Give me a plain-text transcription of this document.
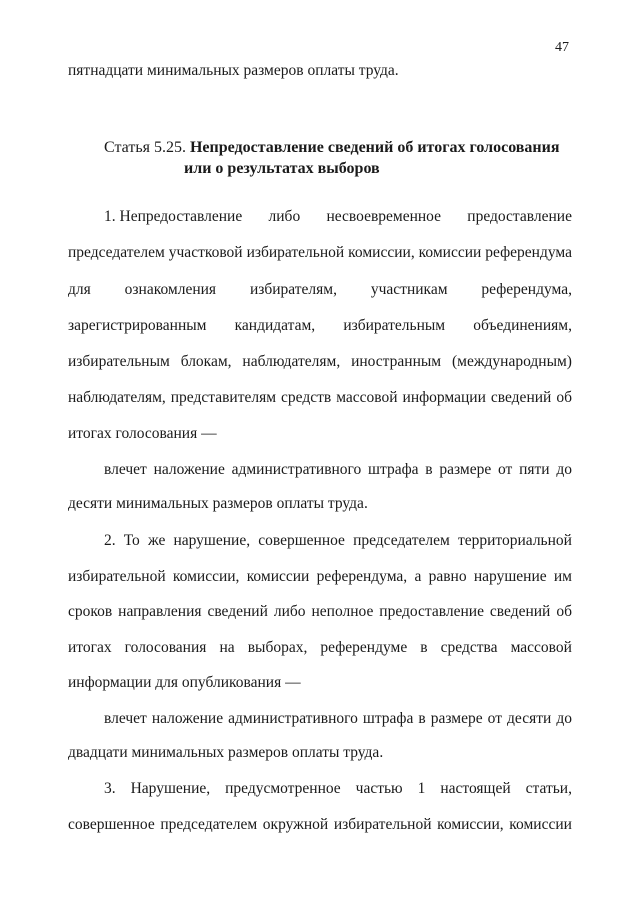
47
пятнадцати минимальных размеров оплаты труда.
Статья 5.25. Непредоставление сведений об итогах голосования
или о результатах выборов
1. Непредоставление либо несвоевременное предоставление
председателем участковой избирательной комиссии, комиссии референдума
для ознакомления избирателям, участникам референдума,
зарегистрированным кандидатам, избирательным объединениям,
избирательным блокам, наблюдателям, иностранным (международным)
наблюдателям, представителям средств массовой информации сведений об
итогах голосования —
влечет наложение административного штрафа в размере от пяти до
десяти минимальных размеров оплаты труда.
2. То же нарушение, совершенное председателем территориальной
избирательной комиссии, комиссии референдума, а равно нарушение им
сроков направления сведений либо неполное предоставление сведений об
итогах голосования на выборах, референдуме в средства массовой
информации для опубликования —
влечет наложение административного штрафа в размере от десяти до
двадцати минимальных размеров оплаты труда.
3. Нарушение, предусмотренное частью 1 настоящей статьи,
совершенное председателем окружной избирательной комиссии, комиссии
